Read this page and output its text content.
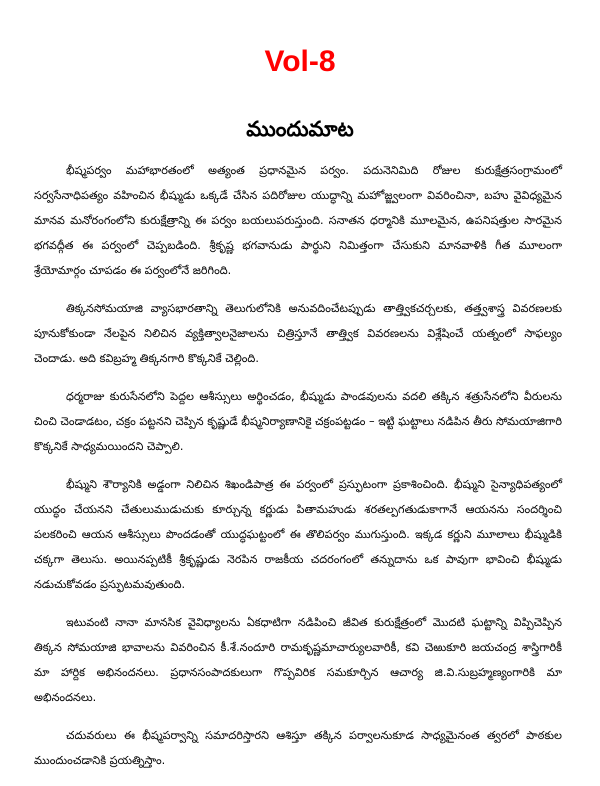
Vol-8
ముందుమాట

భీష్మపర్వం మహాభారతంలో అత్యంత ప్రధానమైన పర్వం. పదునెనిమిది రోజుల కురుక్షేత్రసంగ్రామంలో సర్వసేనాధిపత్యం వహించిన భీష్ముడు ఒక్కడే చేసిన పదిరోజుల యుద్ధాన్ని మహోజ్జ్వలంగా వివరించినా, బహు వైవిధ్యమైన మానవ మనోరంగంలోని కురుక్షేత్రాన్ని ఈ పర్వం బయలుపరుస్తుంది. సనాతన ధర్మానికి మూలమైన, ఉపనిషత్తుల సారమైన భగవద్గీత ఈ పర్వంలో చెప్పబడింది. శ్రీకృష్ణ భగవానుడు పార్థుని నిమిత్తంగా చేసుకుని మానవాళికి గీత మూలంగా శ్రేయోమార్గం చూపడం ఈ పర్వంలోనే జరిగింది.

తిక్కనసోమయాజి వ్యాసభారతాన్ని తెలుగులోనికి అనువదించేటప్పుడు తాత్త్వికచర్చలకు, తత్త్వశాస్త్ర వివరణలకు పూనుకోకుండా నేలపైన నిలిచిన వ్యక్తిత్వాలనైజాలను చిత్రిస్తూనే తాత్త్విక వివరణలను విశ్లేషించే యత్నంలో సాఫల్యం చెందాడు. అది కవిబ్రహ్మ తిక్కనగారి కొక్కనికే చెల్లింది.

ధర్మరాజు కురుసేనలోని పెద్దల ఆశీస్సులు అర్థించడం, భీష్ముడు పాండవులను వదలి తక్కిన శత్రుసేనలోని వీరులను చించి చెండాడటం, చక్రం పట్టనని చెప్పిన కృష్ణుడే భీష్మనిర్యాణానికై చక్రంపట్టడం – ఇట్టి ఘట్టాలు నడిపిన తీరు సోమయాజిగారి కొక్కనికే సాధ్యమయిందని చెప్పాలి.

భీష్ముని శౌర్యానికి అడ్డంగా నిలిచిన శిఖండిపాత్ర ఈ పర్వంలో ప్రస్ఫుటంగా ప్రకాశించింది. భీష్ముని సైన్యాధిపత్యంలో యుద్ధం చేయనని చేతులుముడుచుకు కూర్చున్న కర్ణుడు పితామహుడు శరతల్పగతుడుకాగానే ఆయనను సందర్శించి పలకరించి ఆయన ఆశీస్సులు పొందడంతో యుద్ధఘట్టంలో ఈ తొలిపర్వం ముగుస్తుంది. ఇక్కడ కర్ణుని మూలాలు భీష్ముడికి చక్కగా తెలుసు. అయినప్పటికీ శ్రీకృష్ణుడు నెరపిన రాజకీయ చదరంగంలో తన్నుదాను ఒక పావుగా భావించి భీష్ముడు నడుచుకోవడం ప్రస్ఫుటమవుతుంది.

ఇటువంటి నానా మానసిక వైవిధ్యాలను ఏకధాటిగా నడిపించి జీవిత కురుక్షేత్రంలో మొదటి ఘట్టాన్ని విప్పిచెప్పిన తిక్కన సోమయాజి భావాలను వివరించిన కీ.శే.నందూరి రామకృష్ణమాచార్యులవారికీ, కవి చెఱుకూరి జయచంద్ర శాస్త్రిగారికీ మా హార్దిక అభినందనలు. ప్రధానసంపాదకులుగా గొప్పవిరిక సమకూర్చిన ఆచార్య జి.వి.సుబ్రహ్మణ్యంగారికి మా అభినందనలు.

చదువరులు ఈ భీష్మపర్వాన్ని సమాదరిస్తారని ఆశిస్తూ తక్కిన పర్వాలనుకూడ సాధ్యమైనంత త్వరలో పాఠకుల ముందుంచడానికి ప్రయత్నిస్తాం.
